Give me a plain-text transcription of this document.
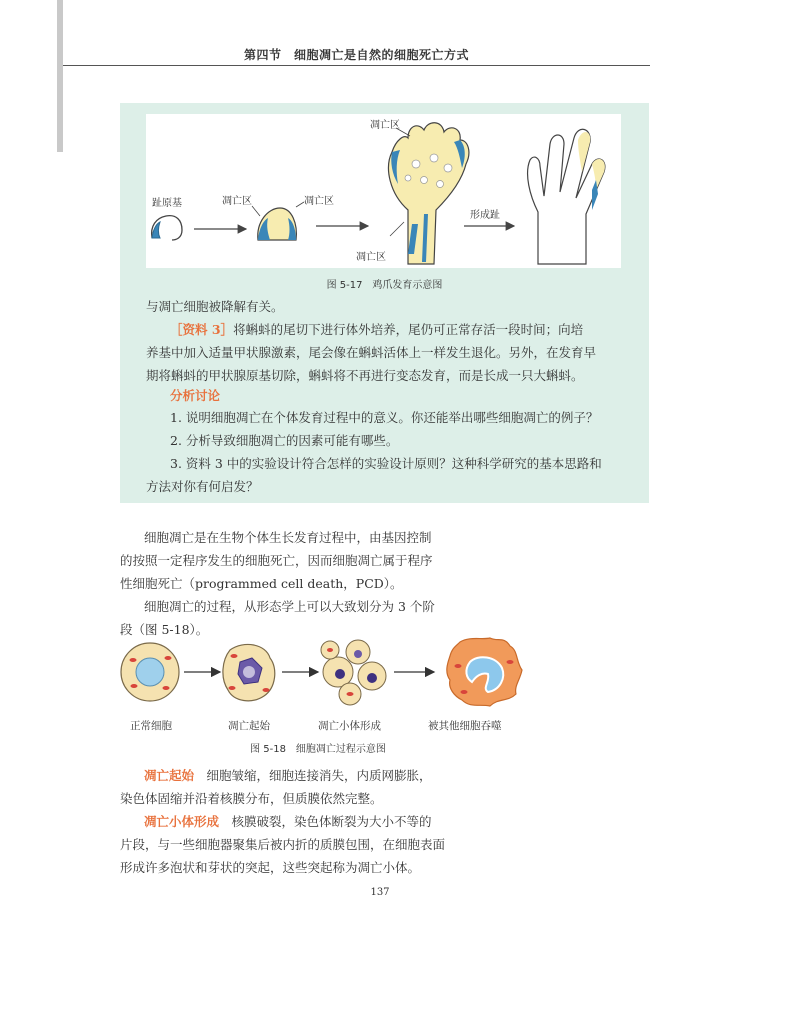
第四节　细胞凋亡是自然的细胞死亡方式
趾原基	凋亡区	凋亡区
凋亡区
凋亡区
形成趾
图 5-17　鸡爪发育示意图
与凋亡细胞被降解有关。
［资料 3］将蝌蚪的尾切下进行体外培养，尾仍可正常存活一段时间；向培
养基中加入适量甲状腺激素，尾会像在蝌蚪活体上一样发生退化。另外，在发育早
期将蝌蚪的甲状腺原基切除，蝌蚪将不再进行变态发育，而是长成一只大蝌蚪。
分析讨论
1. 说明细胞凋亡在个体发育过程中的意义。你还能举出哪些细胞凋亡的例子？
2. 分析导致细胞凋亡的因素可能有哪些。
3. 资料 3 中的实验设计符合怎样的实验设计原则？这种科学研究的基本思路和
方法对你有何启发？
细胞凋亡是在生物个体生长发育过程中，由基因控制
的按照一定程序发生的细胞死亡，因而细胞凋亡属于程序
性细胞死亡（programmed cell death，PCD）。
细胞凋亡的过程，从形态学上可以大致划分为 3 个阶
段（图 5-18）。
正常细胞	凋亡起始	凋亡小体形成	被其他细胞吞噬
图 5-18　细胞凋亡过程示意图
凋亡起始　 细胞皱缩，细胞连接消失，内质网膨胀，
染色体固缩并沿着核膜分布，但质膜依然完整。
凋亡小体形成　 核膜破裂，染色体断裂为大小不等的
片段，与一些细胞器聚集后被内折的质膜包围，在细胞表面
形成许多泡状和芽状的突起，这些突起称为凋亡小体。
137
